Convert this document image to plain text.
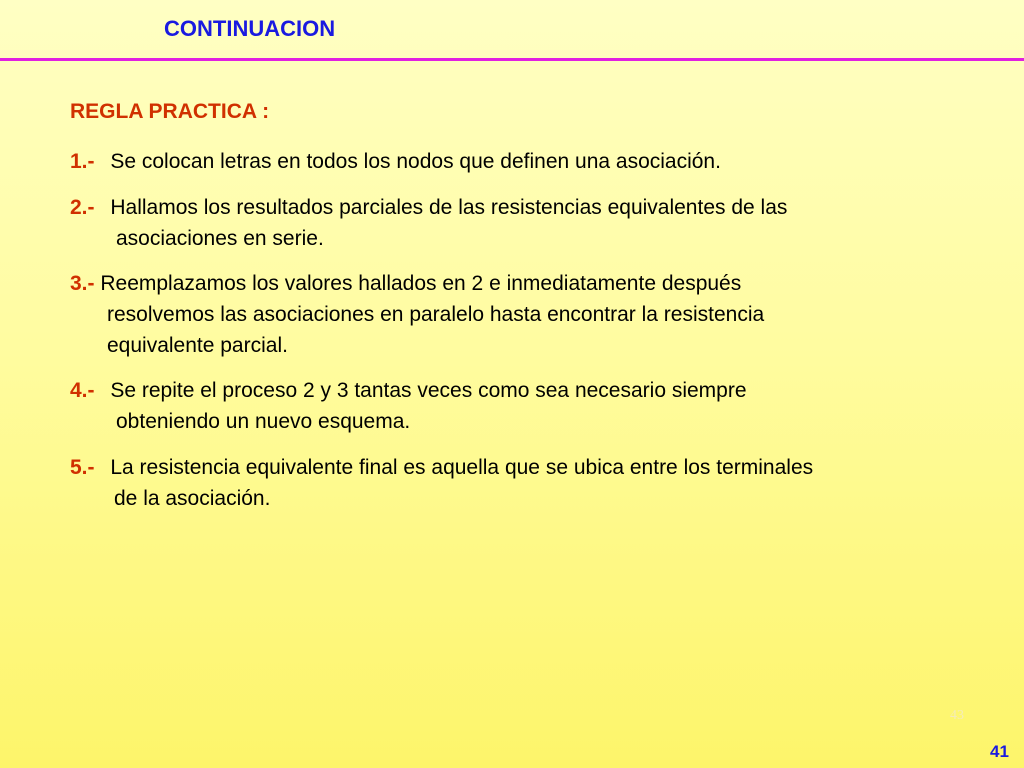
CONTINUACION
REGLA PRACTICA :
1.- Se colocan letras en todos los nodos que definen una asociación.
2.- Hallamos los resultados parciales de las resistencias equivalentes de las
asociaciones en serie.
3.- Reemplazamos los valores hallados en 2 e inmediatamente después
resolvemos las asociaciones en paralelo hasta encontrar la resistencia
equivalente parcial.
4.- Se repite el proceso 2 y 3 tantas veces como sea necesario siempre
obteniendo un nuevo esquema.
5.- La resistencia equivalente final es aquella que se ubica entre los terminales
de la asociación.
43
41
